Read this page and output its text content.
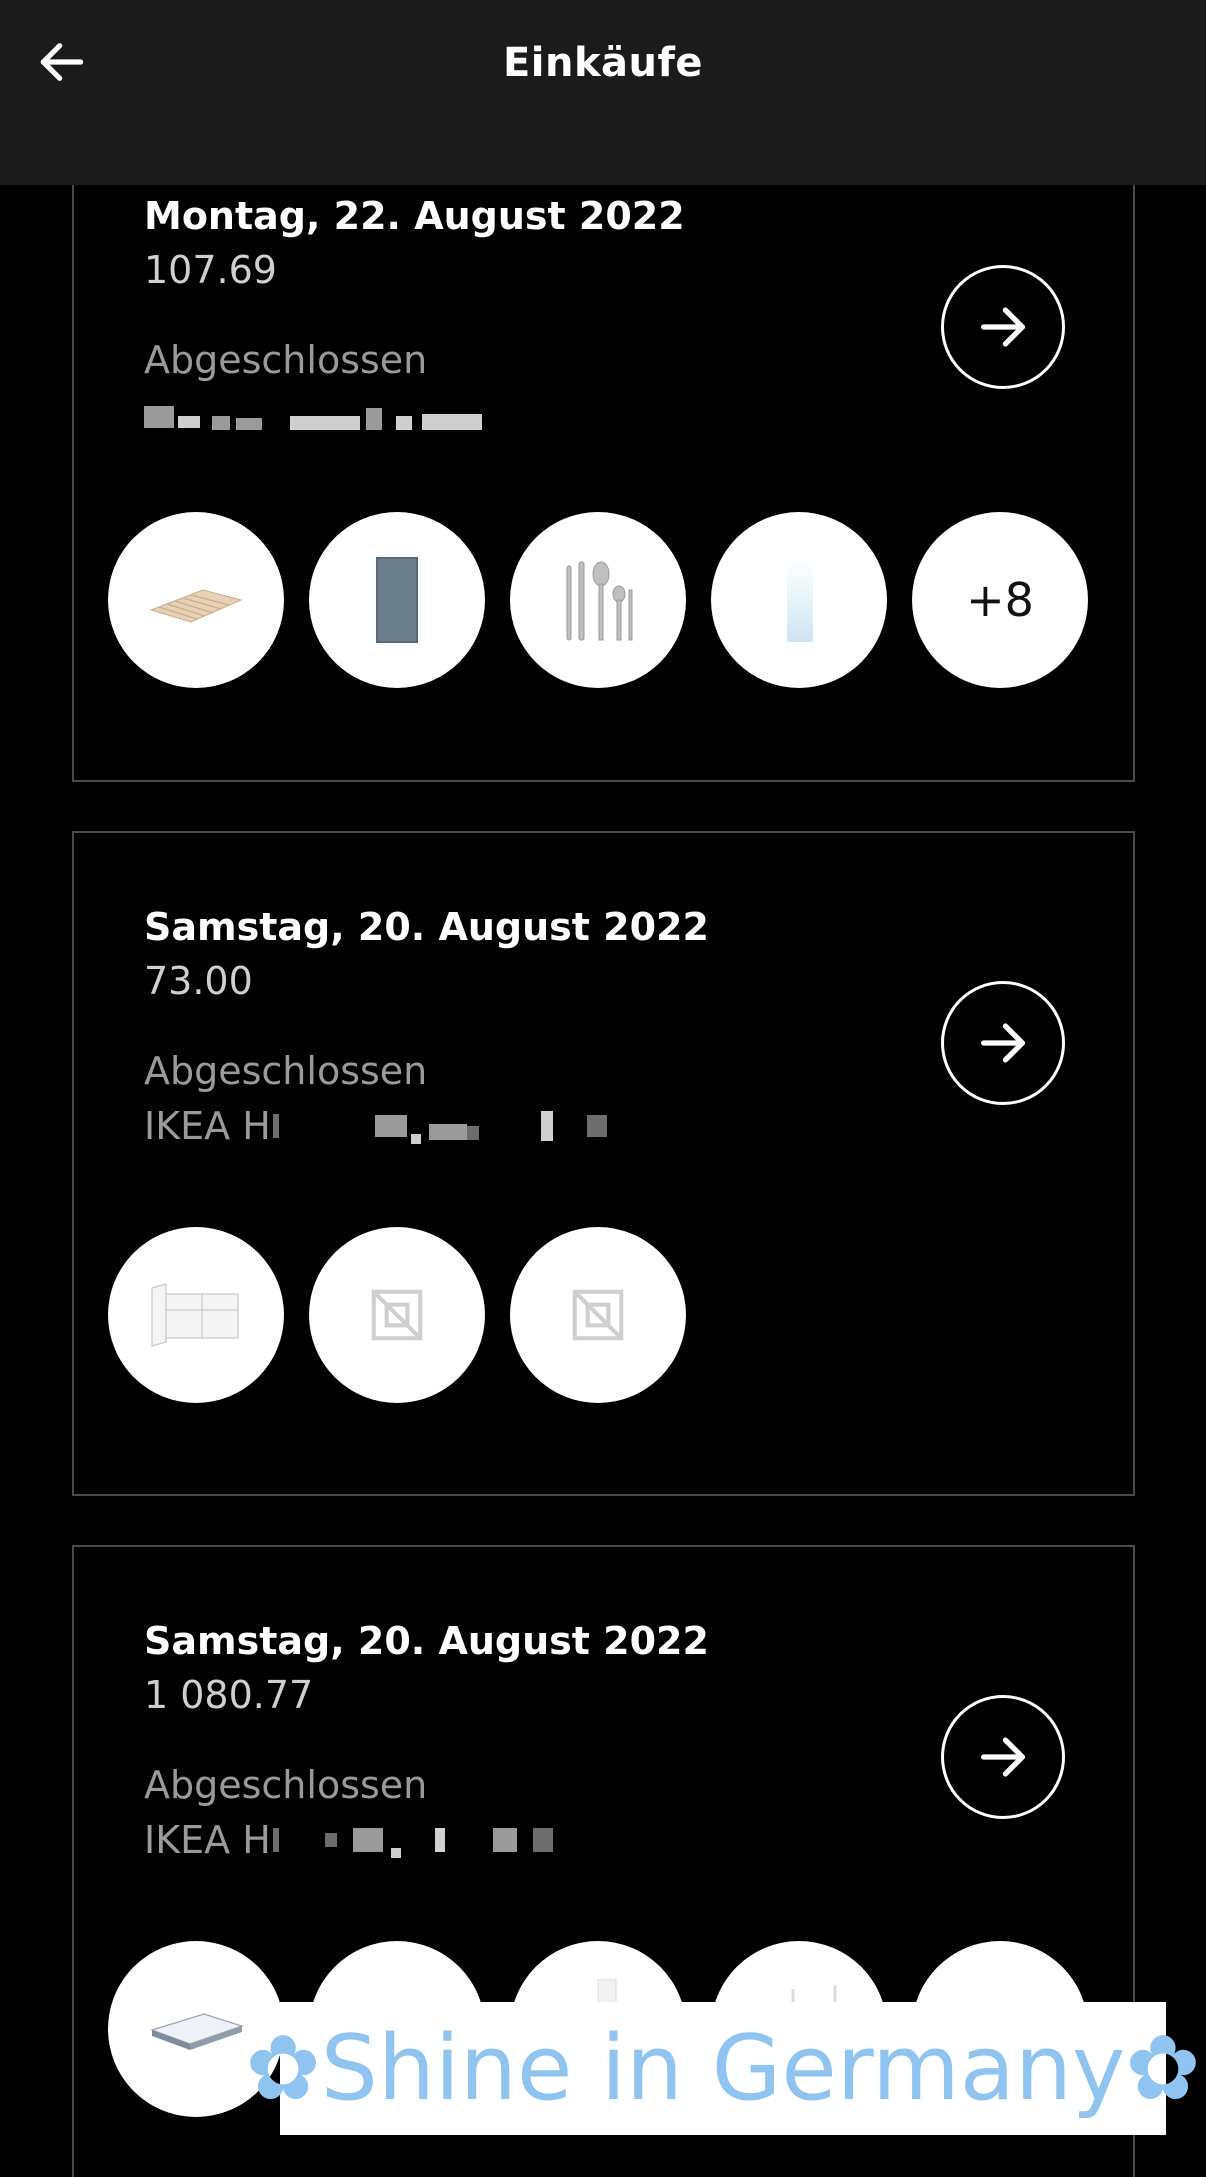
Montag, 22. August 2022
107.69
Abgeschlossen
+8
Samstag, 20. August 2022
73.00
Abgeschlossen
IKEA H
Samstag, 20. August 2022
1 080.77
Abgeschlossen
IKEA H
Einkäufe
✿Shine in Germany✿
